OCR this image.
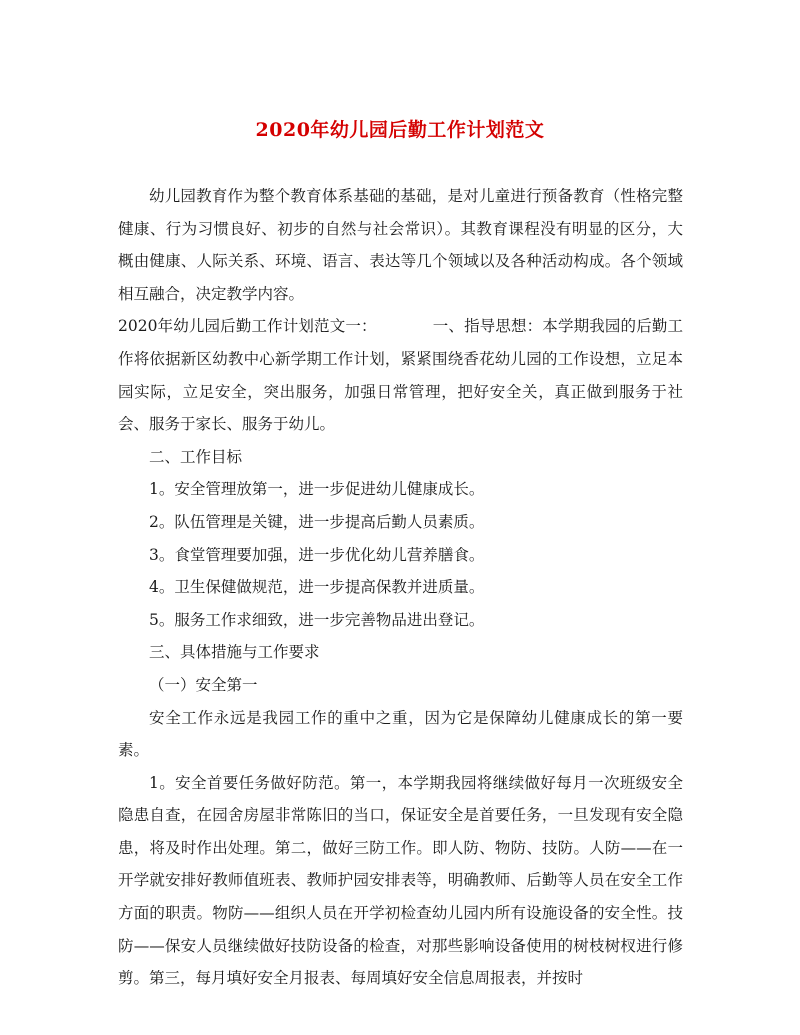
2020年幼儿园后勤工作计划范文

幼儿园教育作为整个教育体系基础的基础，是对儿童进行预备教育（性格完整健康、行为习惯良好、初步的自然与社会常识）。其教育课程没有明显的区分，大概由健康、人际关系、环境、语言、表达等几个领域以及各种活动构成。各个领域相互融合，决定教学内容。

2020年幼儿园后勤工作计划范文一：	一、指导思想：本学期我园的后勤工作将依据新区幼教中心新学期工作计划，紧紧围绕香花幼儿园的工作设想，立足本园实际，立足安全，突出服务，加强日常管理，把好安全关，真正做到服务于社会、服务于家长、服务于幼儿。

二、工作目标

1。安全管理放第一，进一步促进幼儿健康成长。

2。队伍管理是关键，进一步提高后勤人员素质。

3。食堂管理要加强，进一步优化幼儿营养膳食。

4。卫生保健做规范，进一步提高保教并进质量。

5。服务工作求细致，进一步完善物品进出登记。

三、具体措施与工作要求

（一）安全第一

安全工作永远是我园工作的重中之重，因为它是保障幼儿健康成长的第一要素。

1。安全首要任务做好防范。第一，本学期我园将继续做好每月一次班级安全隐患自查，在园舍房屋非常陈旧的当口，保证安全是首要任务，一旦发现有安全隐患，将及时作出处理。第二，做好三防工作。即人防、物防、技防。人防——在一开学就安排好教师值班表、教师护园安排表等，明确教师、后勤等人员在安全工作方面的职责。物防——组织人员在开学初检查幼儿园内所有设施设备的安全性。技防——保安人员继续做好技防设备的检查，对那些影响设备使用的树枝树杈进行修剪。第三，每月填好安全月报表、每周填好安全信息周报表，并按时
